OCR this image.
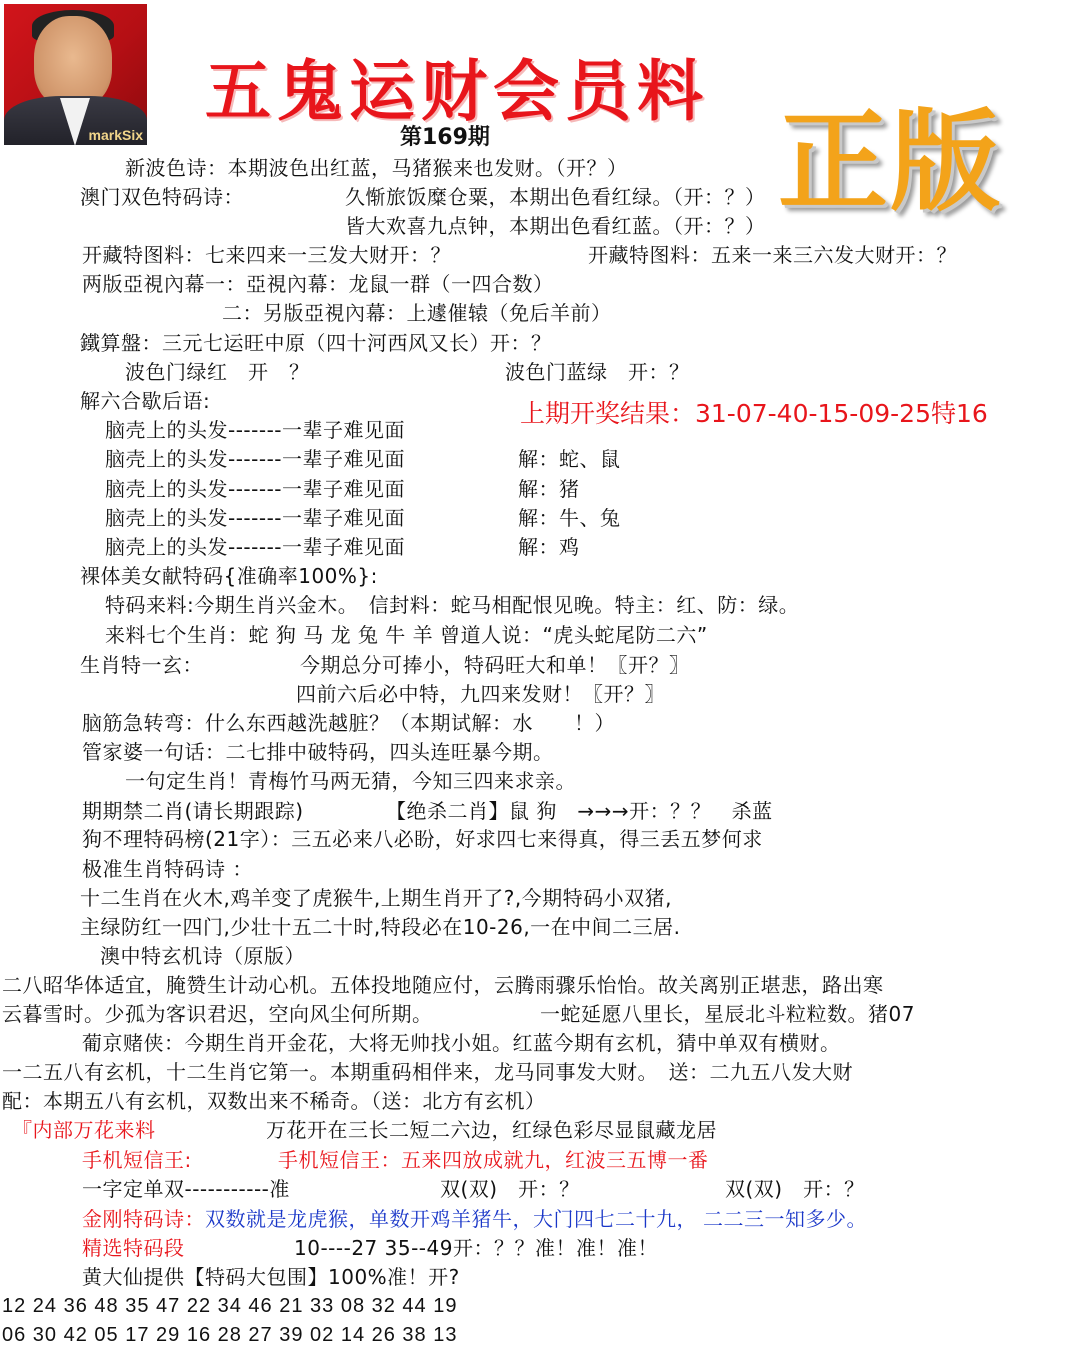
markSix
五鬼运财会员料
第169期	正版
上期开奖结果：31-07-40-15-09-25特16
新波色诗：本期波色出红蓝，马猪猴来也发财。（开？）
澳门双色特码诗：	久惭旅饭糜仓粟，本期出色看红绿。（开：？）
皆大欢喜九点钟，本期出色看红蓝。（开：？）
开藏特图料：七来四来一三发大财开：？	开藏特图料：五来一来三六发大财开：？
两版亞視內幕一：亞視內幕：龙鼠一群（一四合数）
二：另版亞視內幕：上遽催辕（免后羊前）
鐵算盤：三元七运旺中原（四十河西风又长）开：？
波色门绿红　开　？	波色门蓝绿　开：？
解六合歇后语:
脑壳上的头发-------一辈子难见面
脑壳上的头发-------一辈子难见面	解：蛇、鼠
脑壳上的头发-------一辈子难见面	解：猪
脑壳上的头发-------一辈子难见面	解：牛、兔
脑壳上的头发-------一辈子难见面	解：鸡
裸体美女献特码{准确率100%}:
特码来料:今期生肖兴金木。　信封料：蛇马相配恨见晚。特主：红、防：绿。
来料七个生肖：蛇 狗 马 龙 兔 牛 羊 曾道人说：“虎头蛇尾防二六”
生肖特一玄：	今期总分可捧小，特码旺大和单！〖开？〗
四前六后必中特，九四来发财！〖开？〗
脑筋急转弯：什么东西越洗越脏？（本期试解：水　　！）
管家婆一句话：二七排中破特码，四头连旺暴今期。
一句定生肖！青梅竹马两无猜，今知三四来求亲。
期期禁二肖(请长期跟踪)	【绝杀二肖】鼠 狗　→→→开：？？　杀蓝
狗不理特码榜(21字）：三五必来八必盼，好求四七来得真，得三丢五梦何求
极准生肖特码诗 ：
十二生肖在火木,鸡羊变了虎猴牛,上期生肖开了?,今期特码小双猪,
主绿防红一四门,少壮十五二十时,特段必在10-26,一在中间二三居.
澳中特玄机诗（原版）
二八昭华体适宜，腌赞生计动心机。五体投地随应付，云腾雨骤乐怡怡。故关离别正堪悲，路出寒
云暮雪时。少孤为客识君迟，空向风尘何所期。	一蛇延愿八里长，星辰北斗粒粒数。猪07
葡京赌侠：今期生肖开金花，大将无帅找小姐。红蓝今期有玄机，猜中单双有横财。
一二五八有玄机，十二生肖它第一。本期重码相伴来，龙马同事发大财。　送：二九五八发大财
配：本期五八有玄机，双数出来不稀奇。（送：北方有玄机）
『内部万花来料	万花开在三长二短二六边，红绿色彩尽显鼠藏龙居
手机短信王:	手机短信王：五来四放成就九，红波三五博一番
一字定单双-----------准	双(双)　开：？	双(双)　开：？
金刚特码诗：双数就是龙虎猴，单数开鸡羊猪牛，大门四七二十九， 二二三一知多少。
精选特码段	10----27 35--49开：？？准！准！准！
黄大仙提供【特码大包围】100%准！开?
12 24 36 48 35 47 22 34 46 21 33 08 32 44 19
06 30 42 05 17 29 16 28 27 39 02 14 26 38 13
